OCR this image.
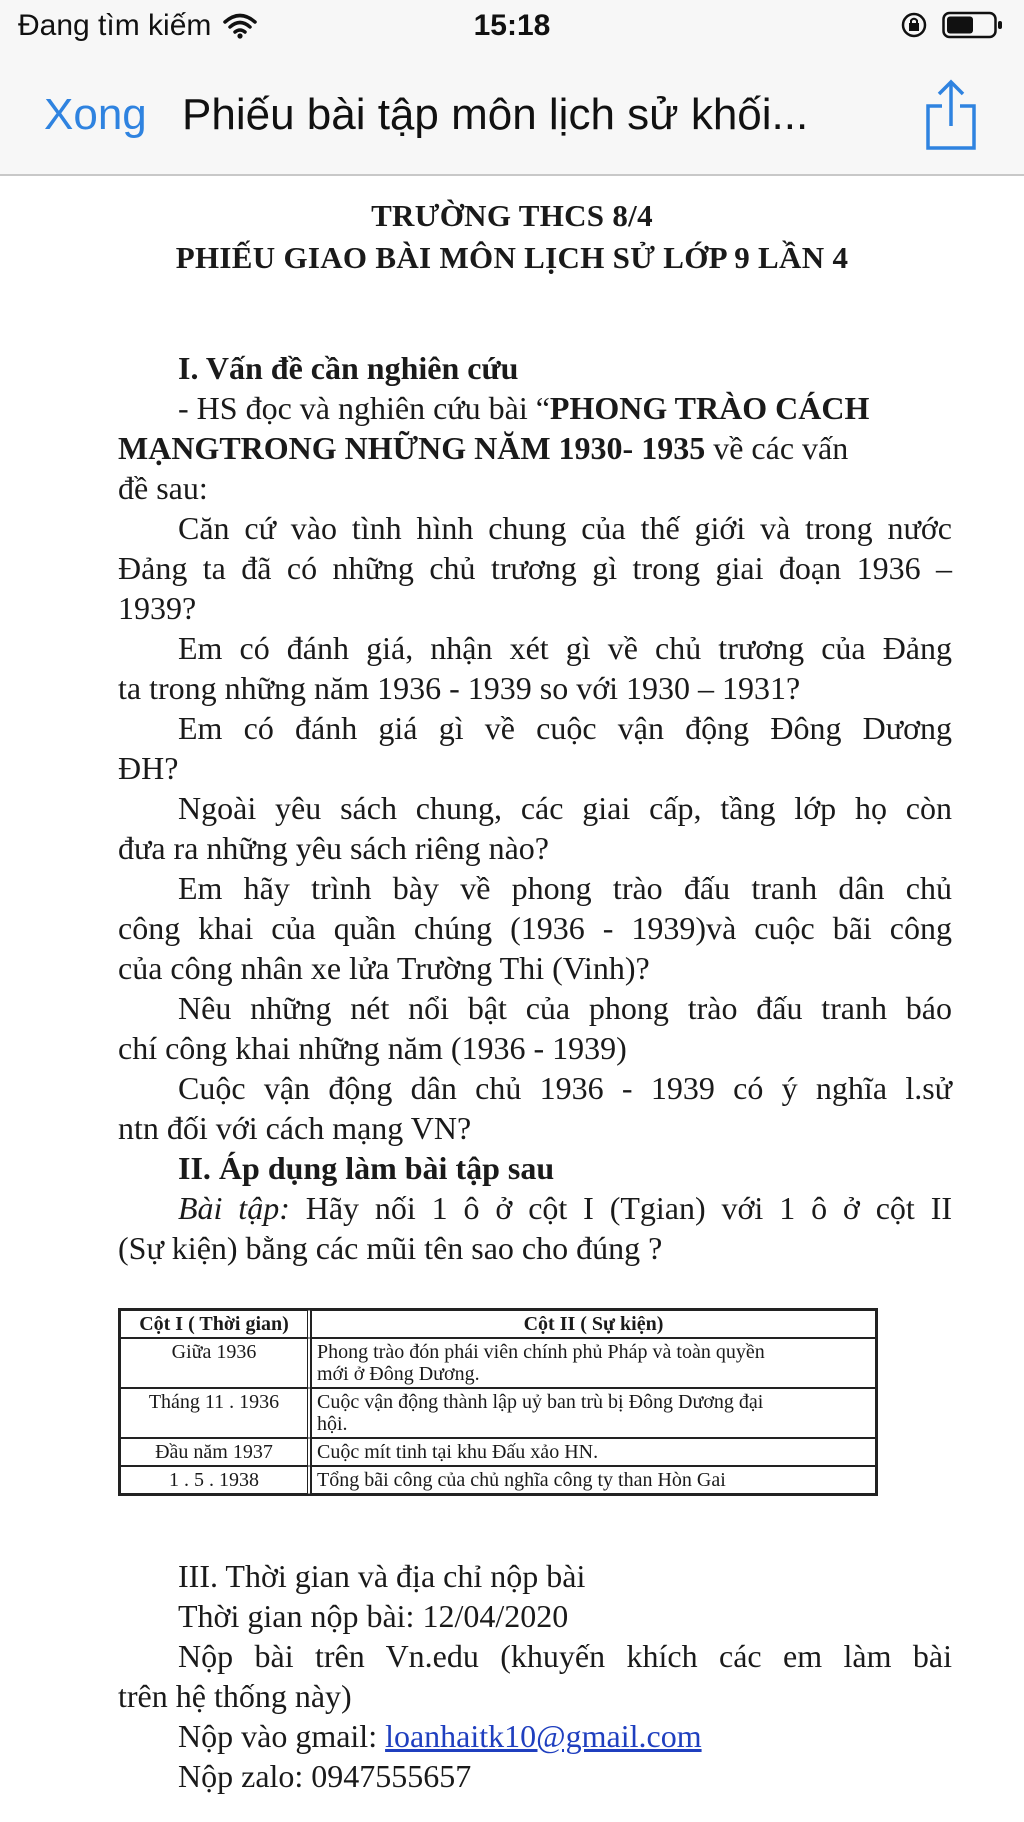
Đang tìm kiếm	15:18
Xong Phiếu bài tập môn lịch sử khối...
TRƯỜNG THCS 8/4
PHIẾU GIAO BÀI MÔN LỊCH SỬ LỚP 9 LẦN 4
I. Vấn đề cần nghiên cứu
- HS đọc và nghiên cứu bài “PHONG TRÀO CÁCH
MẠNGTRONG NHỮNG NĂM 1930- 1935 về các vấn
đề sau:
Căn cứ vào tình hình chung của thế giới và trong nước
Đảng ta đã có những chủ trương gì trong giai đoạn 1936 –
1939?
Em có đánh giá, nhận xét gì về chủ trương của Đảng
ta trong những năm 1936 - 1939 so với 1930 – 1931?
Em có đánh giá gì về cuộc vận động Đông Dương
ĐH?
Ngoài yêu sách chung, các giai cấp, tầng lớp họ còn
đưa ra những yêu sách riêng nào?
Em hãy trình bày về phong trào đấu tranh dân chủ
công khai của quần chúng (1936 - 1939)và cuộc bãi công
của công nhân xe lửa Trường Thi (Vinh)?
Nêu những nét nổi bật của phong trào đấu tranh báo
chí công khai những năm (1936 - 1939)
Cuộc vận động dân chủ 1936 - 1939 có ý nghĩa l.sử
ntn đối với cách mạng VN?
II. Áp dụng làm bài tập sau
Bài tập: Hãy nối 1 ô ở cột I (Tgian) với 1 ô ở cột II
(Sự kiện) bằng các mũi tên sao cho đúng ?
Cột I ( Thời gian)	Cột II ( Sự kiện)
Giữa 1936	Phong trào đón phái viên chính phủ Pháp và toàn quyền
mới ở Đông Dương.
Tháng 11 . 1936	Cuộc vận động thành lập uỷ ban trù bị Đông Dương đại
hội.
Đầu năm 1937	Cuộc mít tinh tại khu Đấu xảo HN.
1 . 5 . 1938	Tổng bãi công của chủ nghĩa công ty than Hòn Gai
III. Thời gian và địa chỉ nộp bài
Thời gian nộp bài: 12/04/2020
Nộp bài trên Vn.edu (khuyến khích các em làm bài
trên hệ thống này)
Nộp vào gmail: loanhaitk10@gmail.com
Nộp zalo: 0947555657
